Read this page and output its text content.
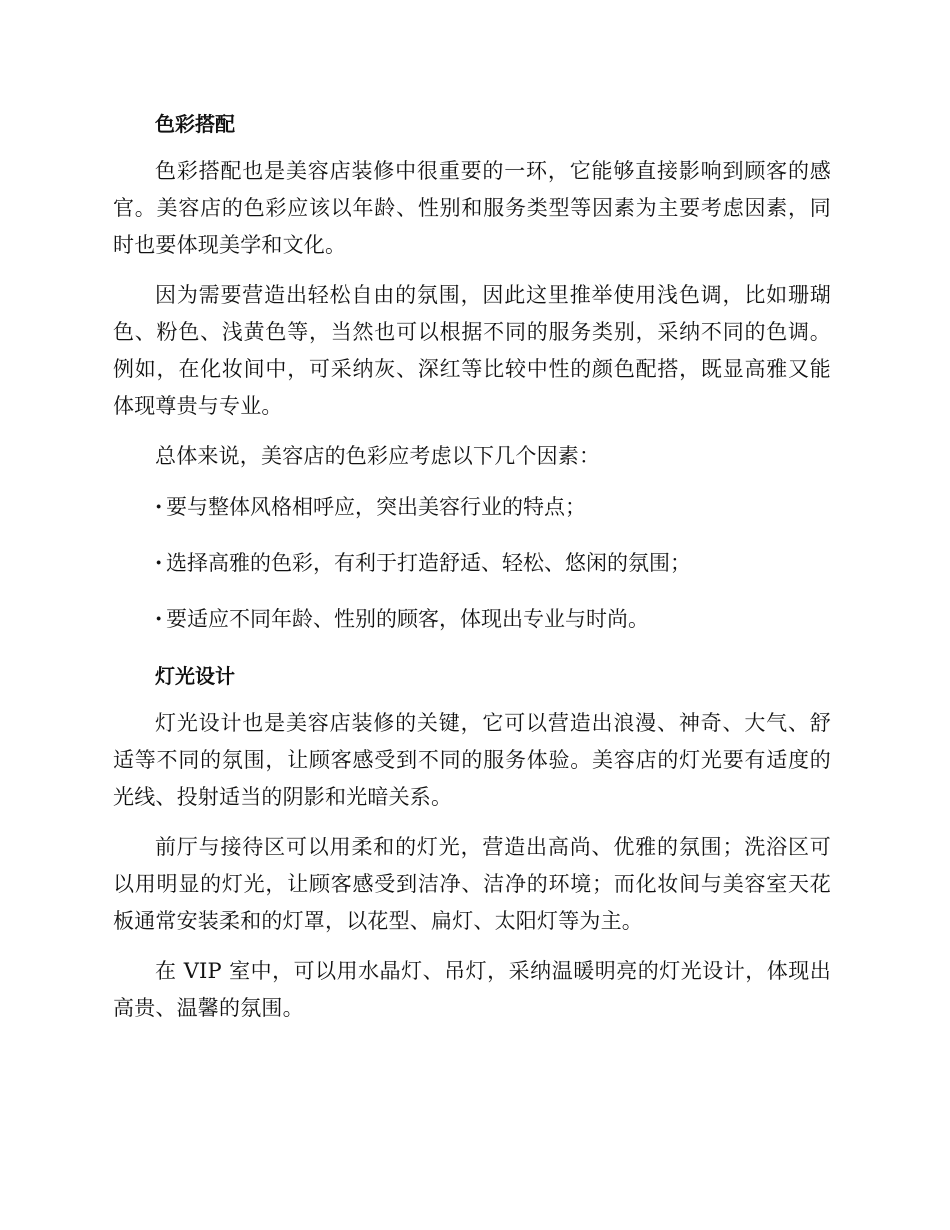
色彩搭配

色彩搭配也是美容店装修中很重要的一环，它能够直接影响到顾客的感官。美容店的色彩应该以年龄、性别和服务类型等因素为主要考虑因素，同时也要体现美学和文化。

因为需要营造出轻松自由的氛围，因此这里推举使用浅色调，比如珊瑚色、粉色、浅黄色等，当然也可以根据不同的服务类别，采纳不同的色调。例如，在化妆间中，可采纳灰、深红等比较中性的颜色配搭，既显高雅又能体现尊贵与专业。

总体来说，美容店的色彩应考虑以下几个因素：

· 要与整体风格相呼应，突出美容行业的特点；
· 选择高雅的色彩，有利于打造舒适、轻松、悠闲的氛围；
· 要适应不同年龄、性别的顾客，体现出专业与时尚。
灯光设计

灯光设计也是美容店装修的关键，它可以营造出浪漫、神奇、大气、舒适等不同的氛围，让顾客感受到不同的服务体验。美容店的灯光要有适度的光线、投射适当的阴影和光暗关系。

前厅与接待区可以用柔和的灯光，营造出高尚、优雅的氛围；洗浴区可以用明显的灯光，让顾客感受到洁净、洁净的环境；而化妆间与美容室天花板通常安装柔和的灯罩，以花型、扁灯、太阳灯等为主。

在 VIP 室中，可以用水晶灯、吊灯，采纳温暖明亮的灯光设计，体现出高贵、温馨的氛围。
